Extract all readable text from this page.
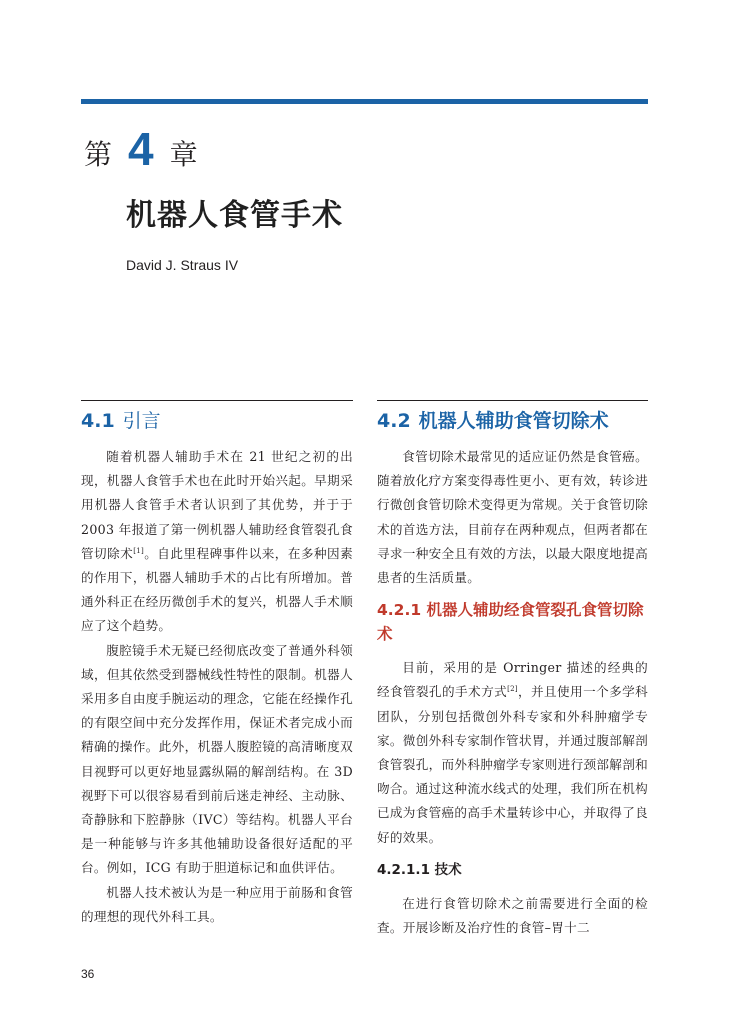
第 4 章
机器人食管手术
David J. Straus IV
4.1 引言

随着机器人辅助手术在 21 世纪之初的出现，机器人食管手术也在此时开始兴起。早期采用机器人食管手术者认识到了其优势，并于于 2003 年报道了第一例机器人辅助经食管裂孔食管切除术[1]。自此里程碑事件以来，在多种因素的作用下，机器人辅助手术的占比有所增加。普通外科正在经历微创手术的复兴，机器人手术顺应了这个趋势。

腹腔镜手术无疑已经彻底改变了普通外科领域，但其依然受到器械线性特性的限制。机器人采用多自由度手腕运动的理念，它能在经操作孔的有限空间中充分发挥作用，保证术者完成小而精确的操作。此外，机器人腹腔镜的高清晰度双目视野可以更好地显露纵隔的解剖结构。在 3D 视野下可以很容易看到前后迷走神经、主动脉、奇静脉和下腔静脉（IVC）等结构。机器人平台是一种能够与许多其他辅助设备很好适配的平台。例如，ICG 有助于胆道标记和血供评估。

机器人技术被认为是一种应用于前肠和食管的理想的现代外科工具。

4.2 机器人辅助食管切除术

食管切除术最常见的适应证仍然是食管癌。随着放化疗方案变得毒性更小、更有效，转诊进行微创食管切除术变得更为常规。关于食管切除术的首选方法，目前存在两种观点，但两者都在寻求一种安全且有效的方法，以最大限度地提高患者的生活质量。

4.2.1 机器人辅助经食管裂孔食管切除术

目前，采用的是 Orringer 描述的经典的经食管裂孔的手术方式[2]，并且使用一个多学科团队，分别包括微创外科专家和外科肿瘤学专家。微创外科专家制作管状胃，并通过腹部解剖食管裂孔，而外科肿瘤学专家则进行颈部解剖和吻合。通过这种流水线式的处理，我们所在机构已成为食管癌的高手术量转诊中心，并取得了良好的效果。

4.2.1.1 技术

在进行食管切除术之前需要进行全面的检查。开展诊断及治疗性的食管–胃十二

36
